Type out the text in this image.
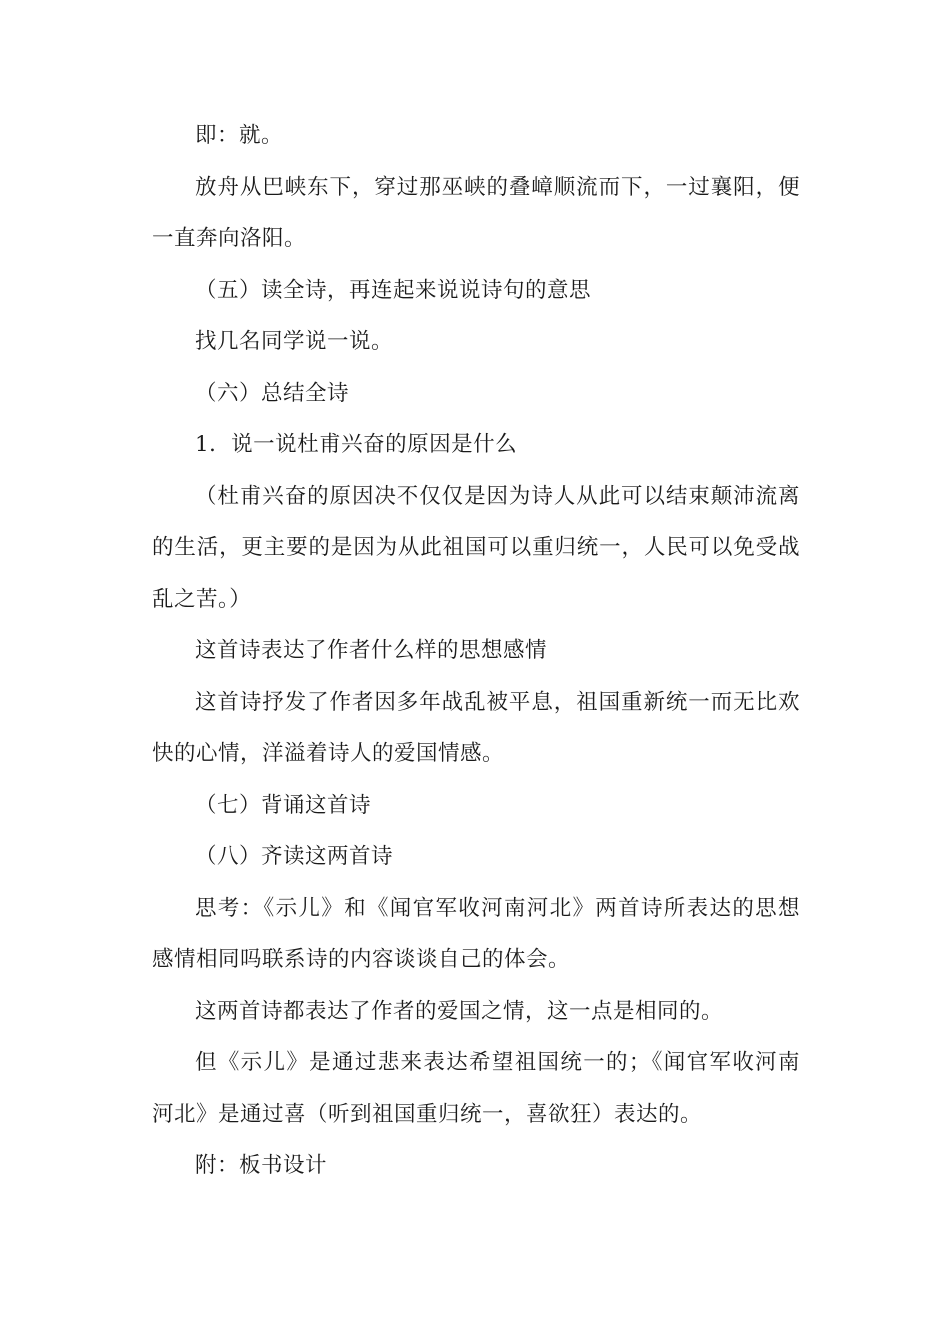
即：就。

放舟从巴峡东下，穿过那巫峡的叠嶂顺流而下，一过襄阳，便一直奔向洛阳。

（五）读全诗，再连起来说说诗句的意思

找几名同学说一说。

（六）总结全诗

1．说一说杜甫兴奋的原因是什么

（杜甫兴奋的原因决不仅仅是因为诗人从此可以结束颠沛流离的生活，更主要的是因为从此祖国可以重归统一，人民可以免受战乱之苦。）

这首诗表达了作者什么样的思想感情

这首诗抒发了作者因多年战乱被平息，祖国重新统一而无比欢快的心情，洋溢着诗人的爱国情感。

（七）背诵这首诗

（八）齐读这两首诗

思考：《示儿》和《闻官军收河南河北》两首诗所表达的思想感情相同吗联系诗的内容谈谈自己的体会。

这两首诗都表达了作者的爱国之情，这一点是相同的。

但《示儿》是通过悲来表达希望祖国统一的；《闻官军收河南河北》是通过喜（听到祖国重归统一，喜欲狂）表达的。

附：板书设计
